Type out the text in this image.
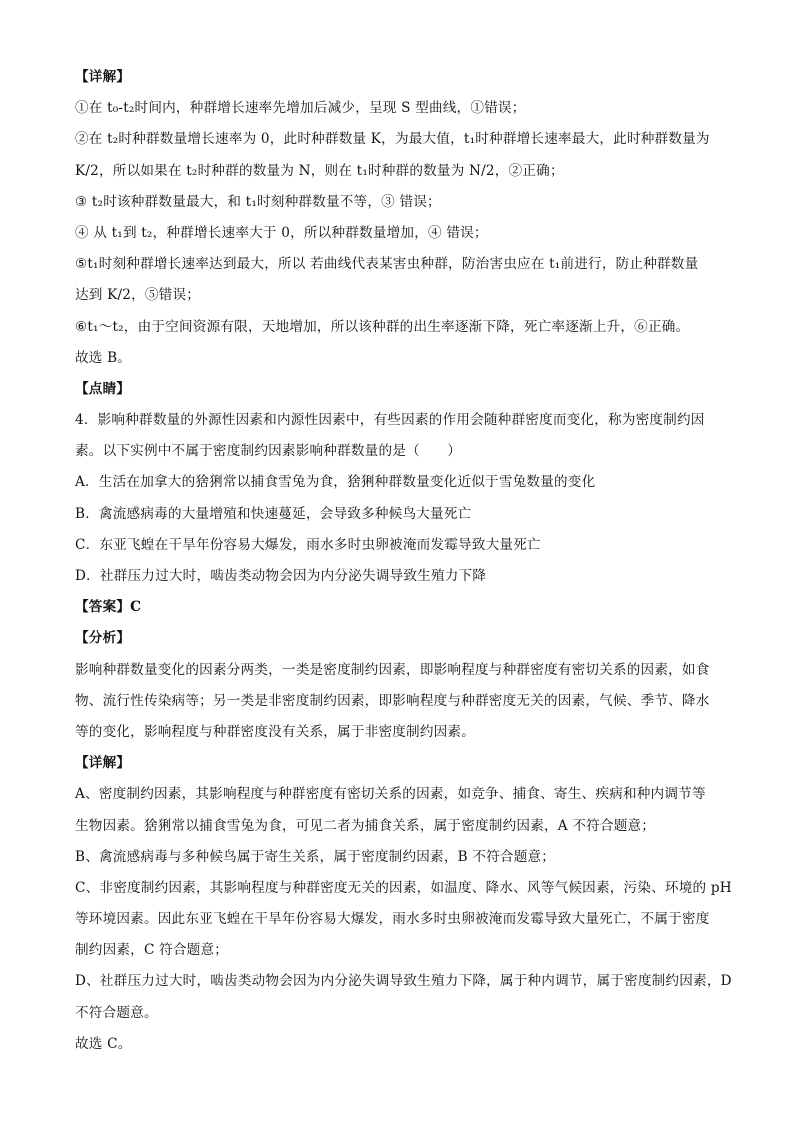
【详解】
①在 t₀-t₂时间内，种群增长速率先增加后减少，呈现 S 型曲线，①错误；
②在 t₂时种群数量增长速率为 0，此时种群数量 K，为最大值，t₁时种群增长速率最大，此时种群数量为
K/2，所以如果在 t₂时种群的数量为 N，则在 t₁时种群的数量为 N/2，②正确；
③ t₂时该种群数量最大，和 t₁时刻种群数量不等，③ 错误；
④ 从 t₁到 t₂，种群增长速率大于 0，所以种群数量增加，④ 错误；
⑤t₁时刻种群增长速率达到最大，所以 若曲线代表某害虫种群，防治害虫应在 t₁前进行，防止种群数量
达到 K/2，⑤错误；
⑥t₁～t₂，由于空间资源有限，天地增加，所以该种群的出生率逐渐下降，死亡率逐渐上升，⑥正确。
故选 B。
【点睛】
4．影响种群数量的外源性因素和内源性因素中，有些因素的作用会随种群密度而变化，称为密度制约因
素。以下实例中不属于密度制约因素影响种群数量的是（　　）
A．生活在加拿大的猞猁常以捕食雪兔为食，猞猁种群数量变化近似于雪兔数量的变化
B．禽流感病毒的大量增殖和快速蔓延，会导致多种候鸟大量死亡
C．东亚飞蝗在干旱年份容易大爆发，雨水多时虫卵被淹而发霉导致大量死亡
D．社群压力过大时，啮齿类动物会因为内分泌失调导致生殖力下降
【答案】C
【分析】
影响种群数量变化的因素分两类，一类是密度制约因素，即影响程度与种群密度有密切关系的因素，如食
物、流行性传染病等；另一类是非密度制约因素，即影响程度与种群密度无关的因素，气候、季节、降水
等的变化，影响程度与种群密度没有关系，属于非密度制约因素。
【详解】
A、密度制约因素，其影响程度与种群密度有密切关系的因素，如竞争、捕食、寄生、疾病和种内调节等
生物因素。猞猁常以捕食雪兔为食，可见二者为捕食关系，属于密度制约因素，A 不符合题意；
B、禽流感病毒与多种候鸟属于寄生关系，属于密度制约因素，B 不符合题意；
C、非密度制约因素，其影响程度与种群密度无关的因素，如温度、降水、风等气候因素，污染、环境的 pH
等环境因素。因此东亚飞蝗在干旱年份容易大爆发，雨水多时虫卵被淹而发霉导致大量死亡，不属于密度
制约因素，C 符合题意；
D、社群压力过大时，啮齿类动物会因为内分泌失调导致生殖力下降，属于种内调节，属于密度制约因素，D
不符合题意。
故选 C。
